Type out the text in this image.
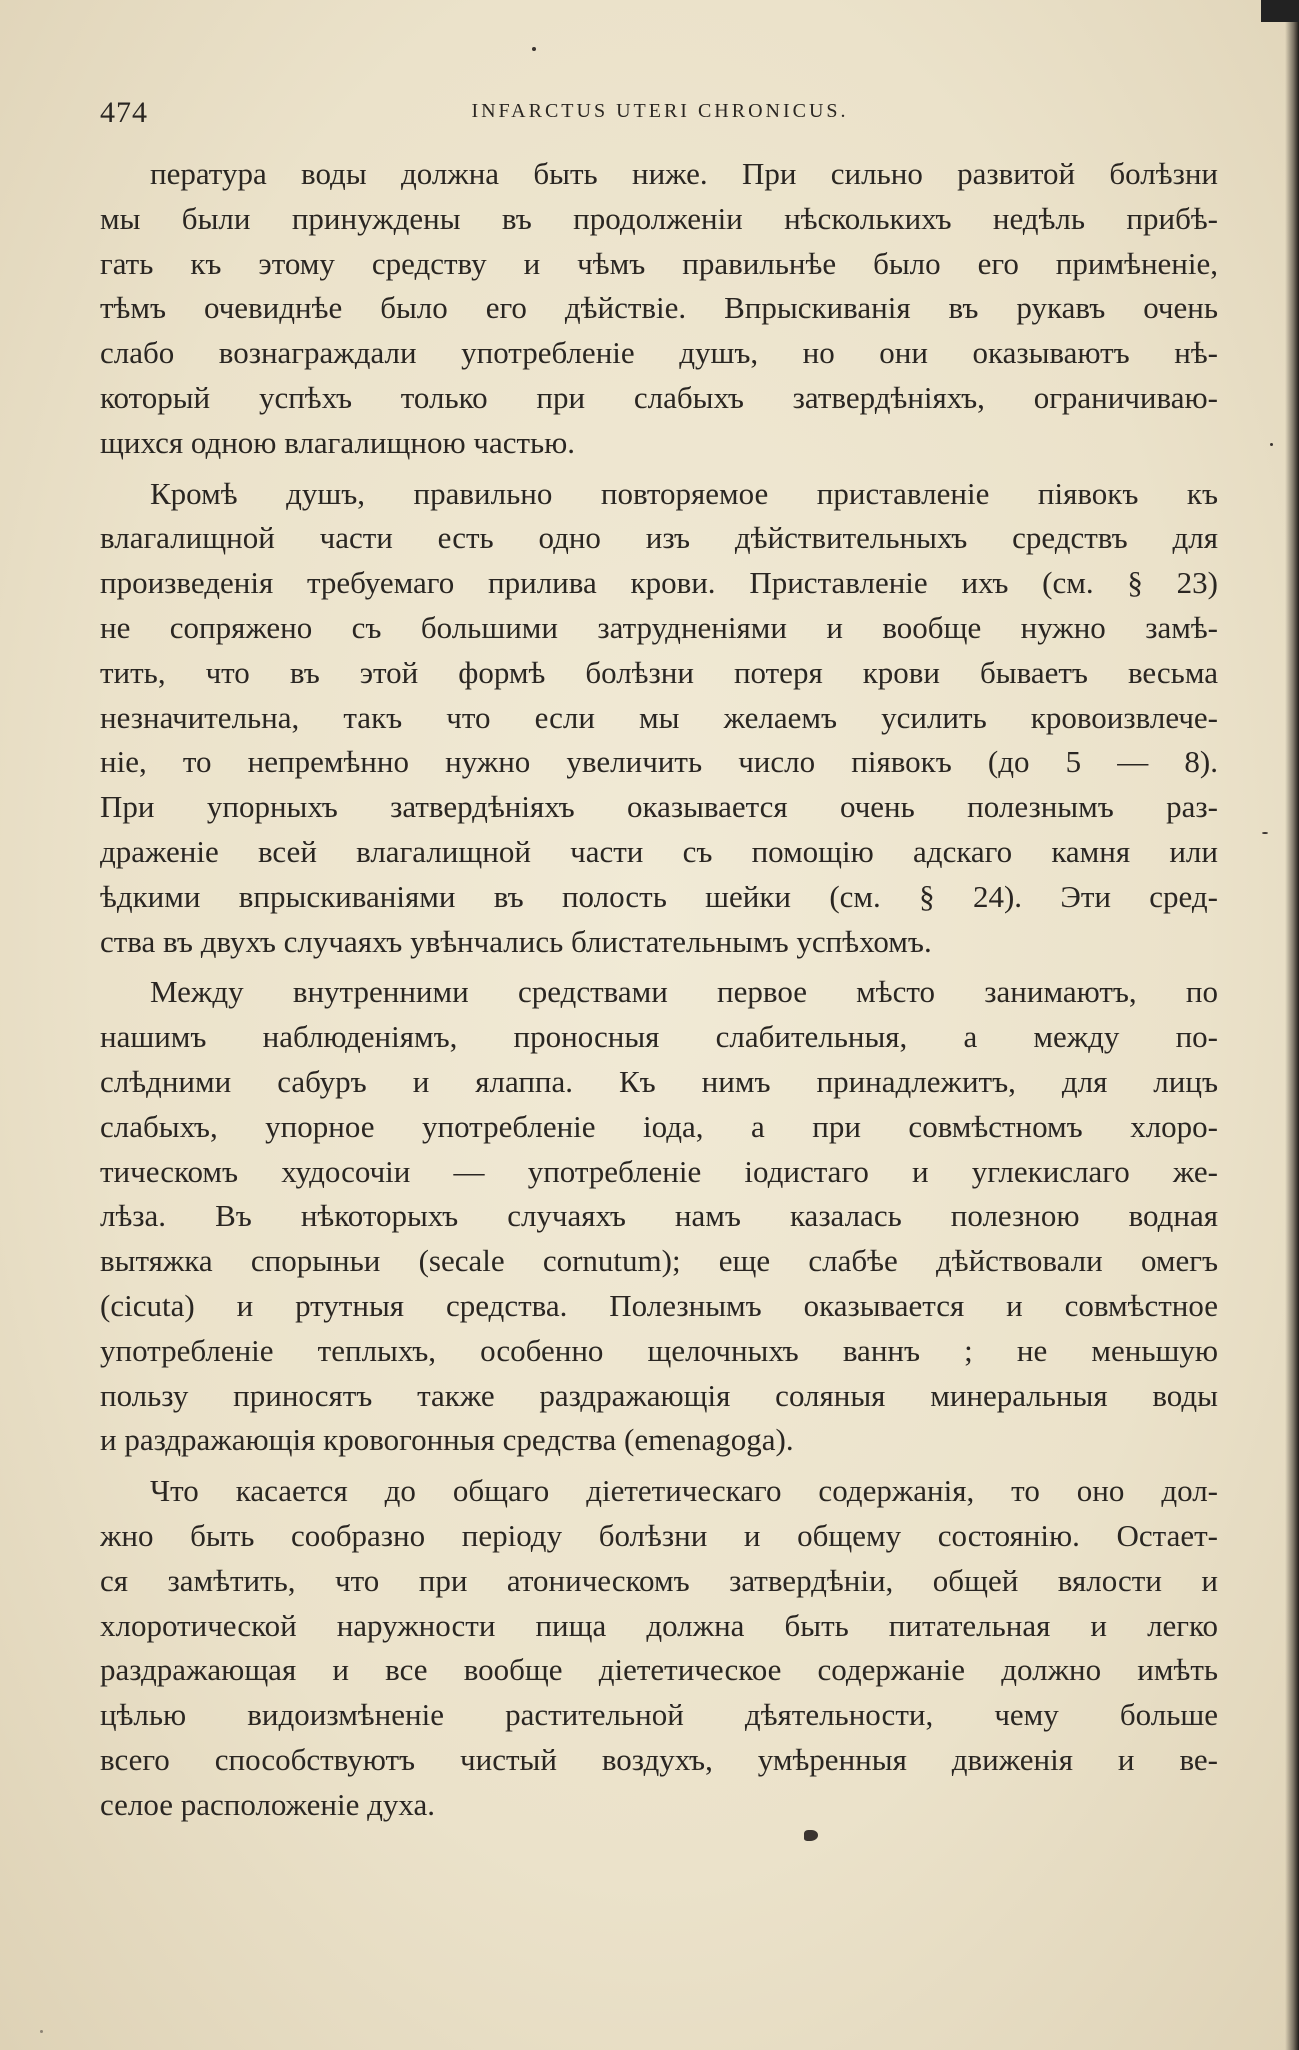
474	INFARCTUS UTERI CHRONICUS.
пература воды должна быть ниже. При сильно развитой болѣзни
мы были принуждены въ продолженіи нѣсколькихъ недѣль прибѣ-
гать къ этому средству и чѣмъ правильнѣе было его примѣненіе,
тѣмъ очевиднѣе было его дѣйствіе. Впрыскиванія въ рукавъ очень
слабо вознаграждали употребленіе душъ, но они оказываютъ нѣ-
который успѣхъ только при слабыхъ затвердѣніяхъ, ограничиваю-
щихся одною влагалищною частью.
Кромѣ душъ, правильно повторяемое приставленіе піявокъ къ
влагалищной части есть одно изъ дѣйствительныхъ средствъ для
произведенія требуемаго прилива крови. Приставленіе ихъ (см. § 23)
не сопряжено съ большими затрудненіями и вообще нужно замѣ-
тить, что въ этой формѣ болѣзни потеря крови бываетъ весьма
незначительна, такъ что если мы желаемъ усилить кровоизвлече-
ніе, то непремѣнно нужно увеличить число піявокъ (до 5 — 8).
При упорныхъ затвердѣніяхъ оказывается очень полезнымъ раз-
драженіе всей влагалищной части съ помощію адскаго камня или
ѣдкими впрыскиваніями въ полость шейки (см. § 24). Эти сред-
ства въ двухъ случаяхъ увѣнчались блистательнымъ успѣхомъ.
Между внутренними средствами первое мѣсто занимаютъ, по
нашимъ наблюденіямъ, проносныя слабительныя, а между по-
слѣдними сабуръ и ялаппа. Къ нимъ принадлежитъ, для лицъ
слабыхъ, упорное употребленіе іода, а при совмѣстномъ хлоро-
тическомъ худосочіи — употребленіе іодистаго и углекислаго же-
лѣза. Въ нѣкоторыхъ случаяхъ намъ казалась полезною водная
вытяжка спорыньи (secale cornutum); еще слабѣе дѣйствовали омегъ
(cicuta) и ртутныя средства. Полезнымъ оказывается и совмѣстное
употребленіе теплыхъ, особенно щелочныхъ ваннъ ; не меньшую
пользу приносятъ также раздражающія соляныя минеральныя воды
и раздражающія кровогонныя средства (emenagoga).
Что касается до общаго діететическаго содержанія, то оно дол-
жно быть сообразно періоду болѣзни и общему состоянію. Остает-
ся замѣтить, что при атоническомъ затвердѣніи, общей вялости и
хлоротической наружности пища должна быть питательная и легко
раздражающая и все вообще діететическое содержаніе должно имѣть
цѣлью видоизмѣненіе растительной дѣятельности, чему больше
всего способствуютъ чистый воздухъ, умѣренныя движенія и ве-
селое расположеніе духа.
